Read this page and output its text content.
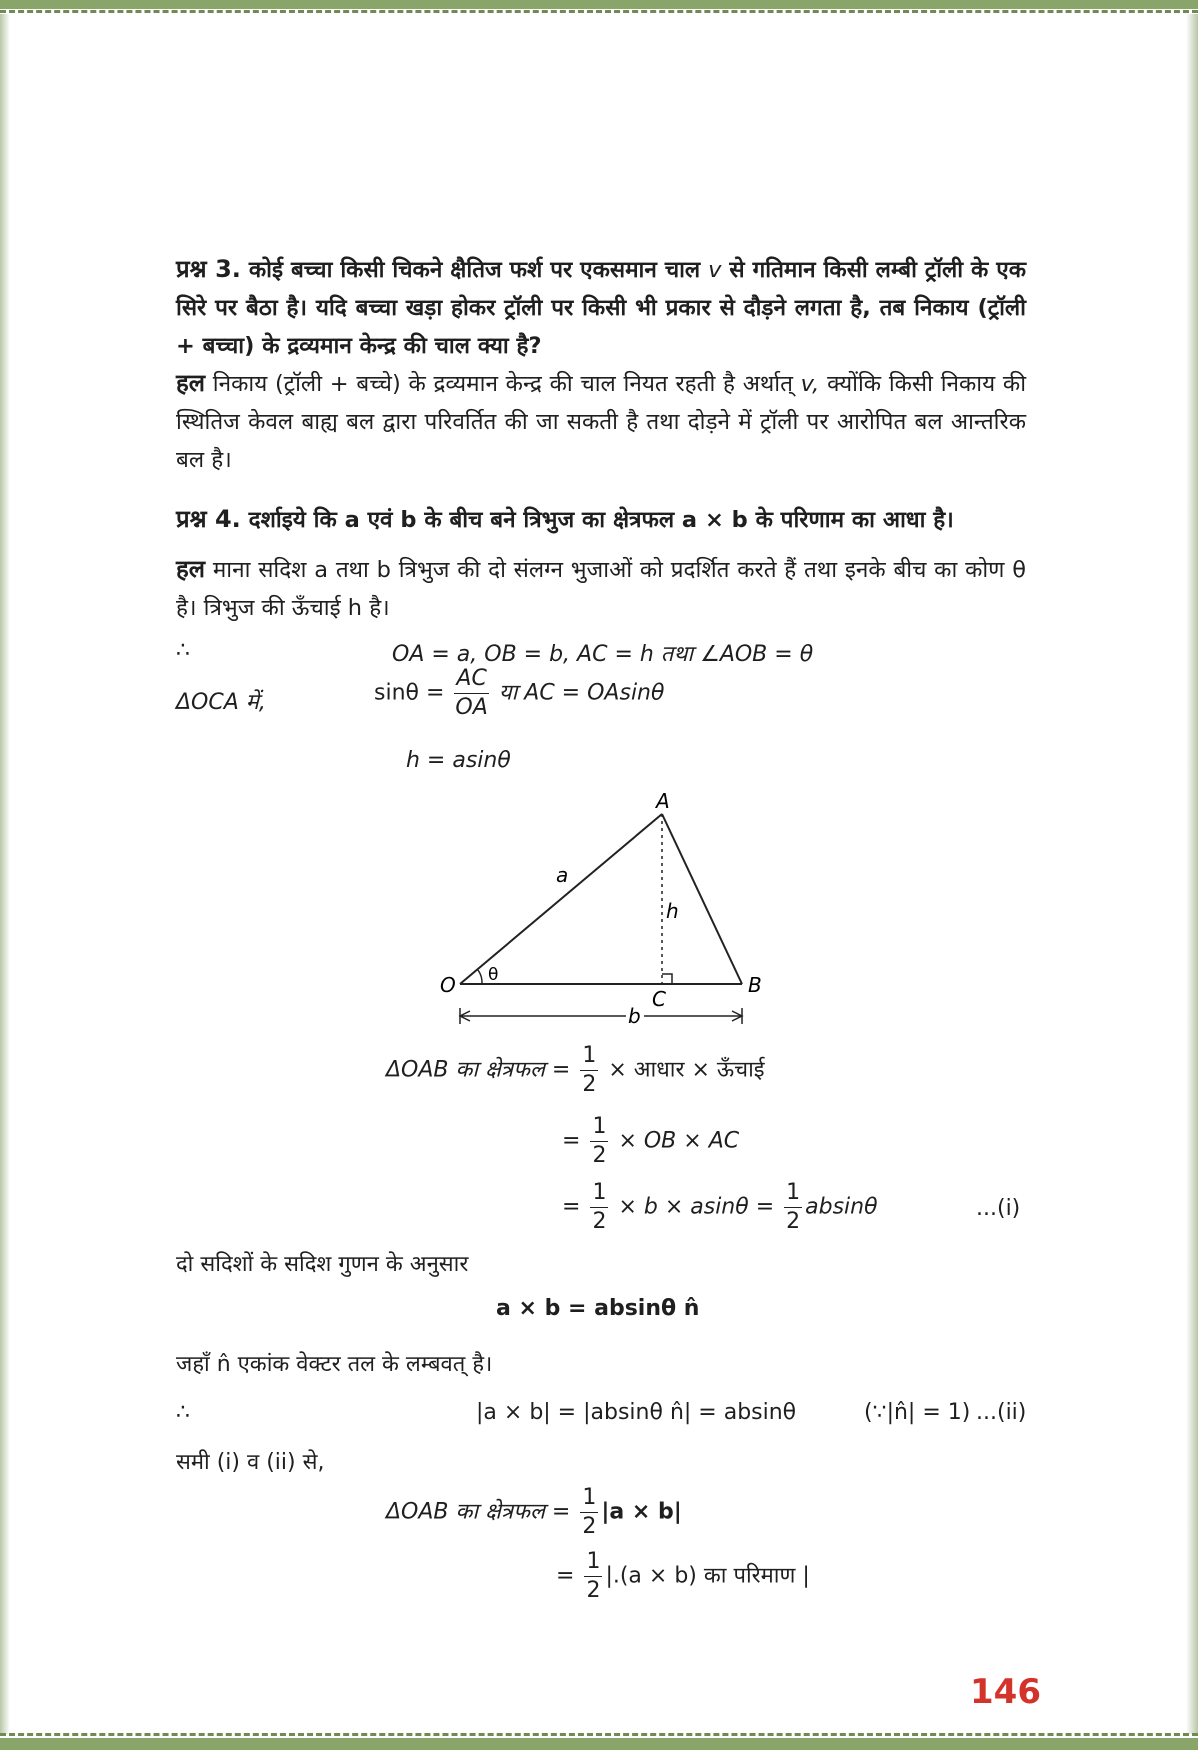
प्रश्न 3. कोई बच्चा किसी चिकने क्षैतिज फर्श पर एकसमान चाल v से गतिमान किसी लम्बी ट्रॉली के एक सिरे पर बैठा है। यदि बच्चा खड़ा होकर ट्रॉली पर किसी भी प्रकार से दौड़ने लगता है, तब निकाय (ट्रॉली + बच्चा) के द्रव्यमान केन्द्र की चाल क्या है?
हल निकाय (ट्रॉली + बच्चे) के द्रव्यमान केन्द्र की चाल नियत रहती है अर्थात् v, क्योंकि किसी निकाय की स्थितिज केवल बाह्य बल द्वारा परिवर्तित की जा सकती है तथा दोड़ने में ट्रॉली पर आरोपित बल आन्तरिक बल है।
प्रश्न 4. दर्शाइये कि a एवं b के बीच बने त्रिभुज का क्षेत्रफल a × b के परिणाम का आधा है।
हल माना सदिश a तथा b त्रिभुज की दो संलग्न भुजाओं को प्रदर्शित करते हैं तथा इनके बीच का कोण θ है। त्रिभुज की ऊँचाई h है।
∴	OA = a, OB = b, AC = h तथा ∠AOB = θ
ΔOCA में,	$\sin\theta = \frac{AC}{OA}$ या AC = OAsinθ
h = asinθ
A
B
C
O
a
h
θ
b
ΔOAB का क्षेत्रफल = $\frac{1}{2}$ × आधार × ऊँचाई
= $\frac{1}{2}$ × OB × AC
= $\frac{1}{2} \times b \times asin\theta = \frac{1}{2}$ absinθ	...(i)
दो सदिशों के सदिश गुणन के अनुसार
a × b = absinθ n̂
जहाँ n̂ एकांक वेक्टर तल के लम्बवत् है।
∴	|a × b| = |absinθ n̂| = absinθ	(∵|n̂| = 1) ...(ii)
समी (i) व (ii) से,
ΔOAB का क्षेत्रफल = $\frac{1}{2} |a \times b|$
= $\frac{1}{2} |.(a \times b)$ का परिमाण |
146
